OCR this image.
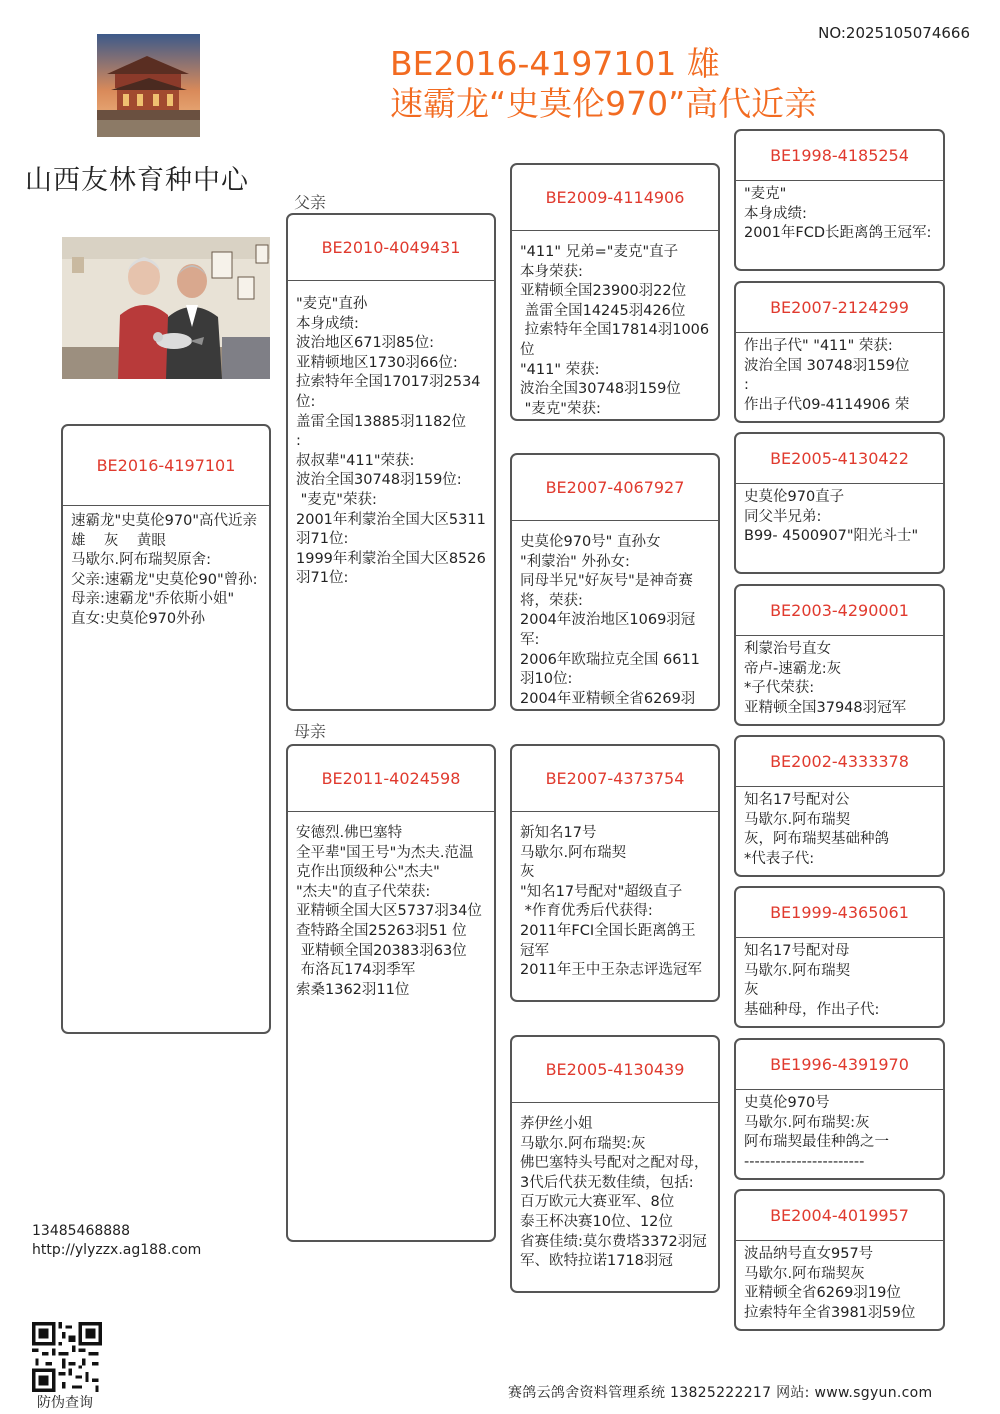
NO:2025105074666
BE2016-4197101 雄
速霸龙“史莫伦970”高代近亲
山西友林育种中心
父亲
母亲
BE2016-4197101
速霸龙"史莫伦970"高代近亲
雄    灰    黄眼
马歇尔.阿布瑞契原舍:
父亲:速霸龙"史莫伦90"曾孙:
母亲:速霸龙"乔依斯小姐"
直女:史莫伦970外孙
BE2010-4049431
"麦克"直孙
本身成绩:
波治地区671羽85位:
亚精顿地区1730羽66位:
拉索特年全国17017羽2534位:
盖雷全国13885羽1182位
:
叔叔辈"411"荣获:
波治全国30748羽159位:
"麦克"荣获:
2001年利蒙治全国大区5311羽71位:
1999年利蒙治全国大区8526羽71位:
BE2011-4024598
安德烈.佛巴塞特
全平辈"国王号"为杰夫.范温克作出顶级种公"杰夫"
"杰夫"的直子代荣获:
亚精顿全国大区5737羽34位
查特路全国25263羽51 位
亚精顿全国20383羽63位
布洛瓦174羽季军
索桑1362羽11位
BE2009-4114906
"411" 兄弟="麦克"直子
本身荣获:
亚精顿全国23900羽22位
盖雷全国14245羽426位
拉索特年全国17814羽1006位
"411" 荣获:
波治全国30748羽159位
"麦克"荣获:
BE2007-4067927
史莫伦970号" 直孙女
"利蒙治" 外孙女:
同母半兄"好灰号"是神奇赛将，荣获:
2004年波治地区1069羽冠军:
2006年欧瑞拉克全国 6611羽10位:
2004年亚精顿全省6269羽
BE2007-4373754
新知名17号
马歇尔.阿布瑞契
灰
"知名17号配对"超级直子
*作育优秀后代获得:
2011年FCI全国长距离鸽王冠军
2011年王中王杂志评选冠军
BE2005-4130439
荞伊丝小姐
马歇尔.阿布瑞契:灰
佛巴塞特头号配对之配对母，3代后代获无数佳绩，包括:
百万欧元大赛亚军、8位
泰王杯决赛10位、12位
省赛佳绩:莫尔费塔3372羽冠军、欧特拉诺1718羽冠
BE1998-4185254
"麦克"
本身成绩:
2001年FCD长距离鸽王冠军:
BE2007-2124299
作出子代" "411" 荣获:
波治全国 30748羽159位
:
作出子代09-4114906 荣
BE2005-4130422
史莫伦970直子
同父半兄弟:
B99- 4500907"阳光斗士"
BE2003-4290001
利蒙治号直女
帝卢-速霸龙:灰
*子代荣获:
亚精顿全国37948羽冠军
BE2002-4333378
知名17号配对公
马歇尔.阿布瑞契
灰，阿布瑞契基础种鸽
*代表子代:
BE1999-4365061
知名17号配对母
马歇尔.阿布瑞契
灰
基础种母，作出子代:
BE1996-4391970
史莫伦970号
马歇尔.阿布瑞契:灰
阿布瑞契最佳种鸽之一
-----------------------
BE2004-4019957
波品纳号直女957号
马歇尔.阿布瑞契灰
亚精顿全省6269羽19位
拉索特年全省3981羽59位
13485468888
http://ylyzzx.ag188.com
防伪查询
赛鸽云鸽舍资料管理系统 13825222217 网站: www.sgyun.com
